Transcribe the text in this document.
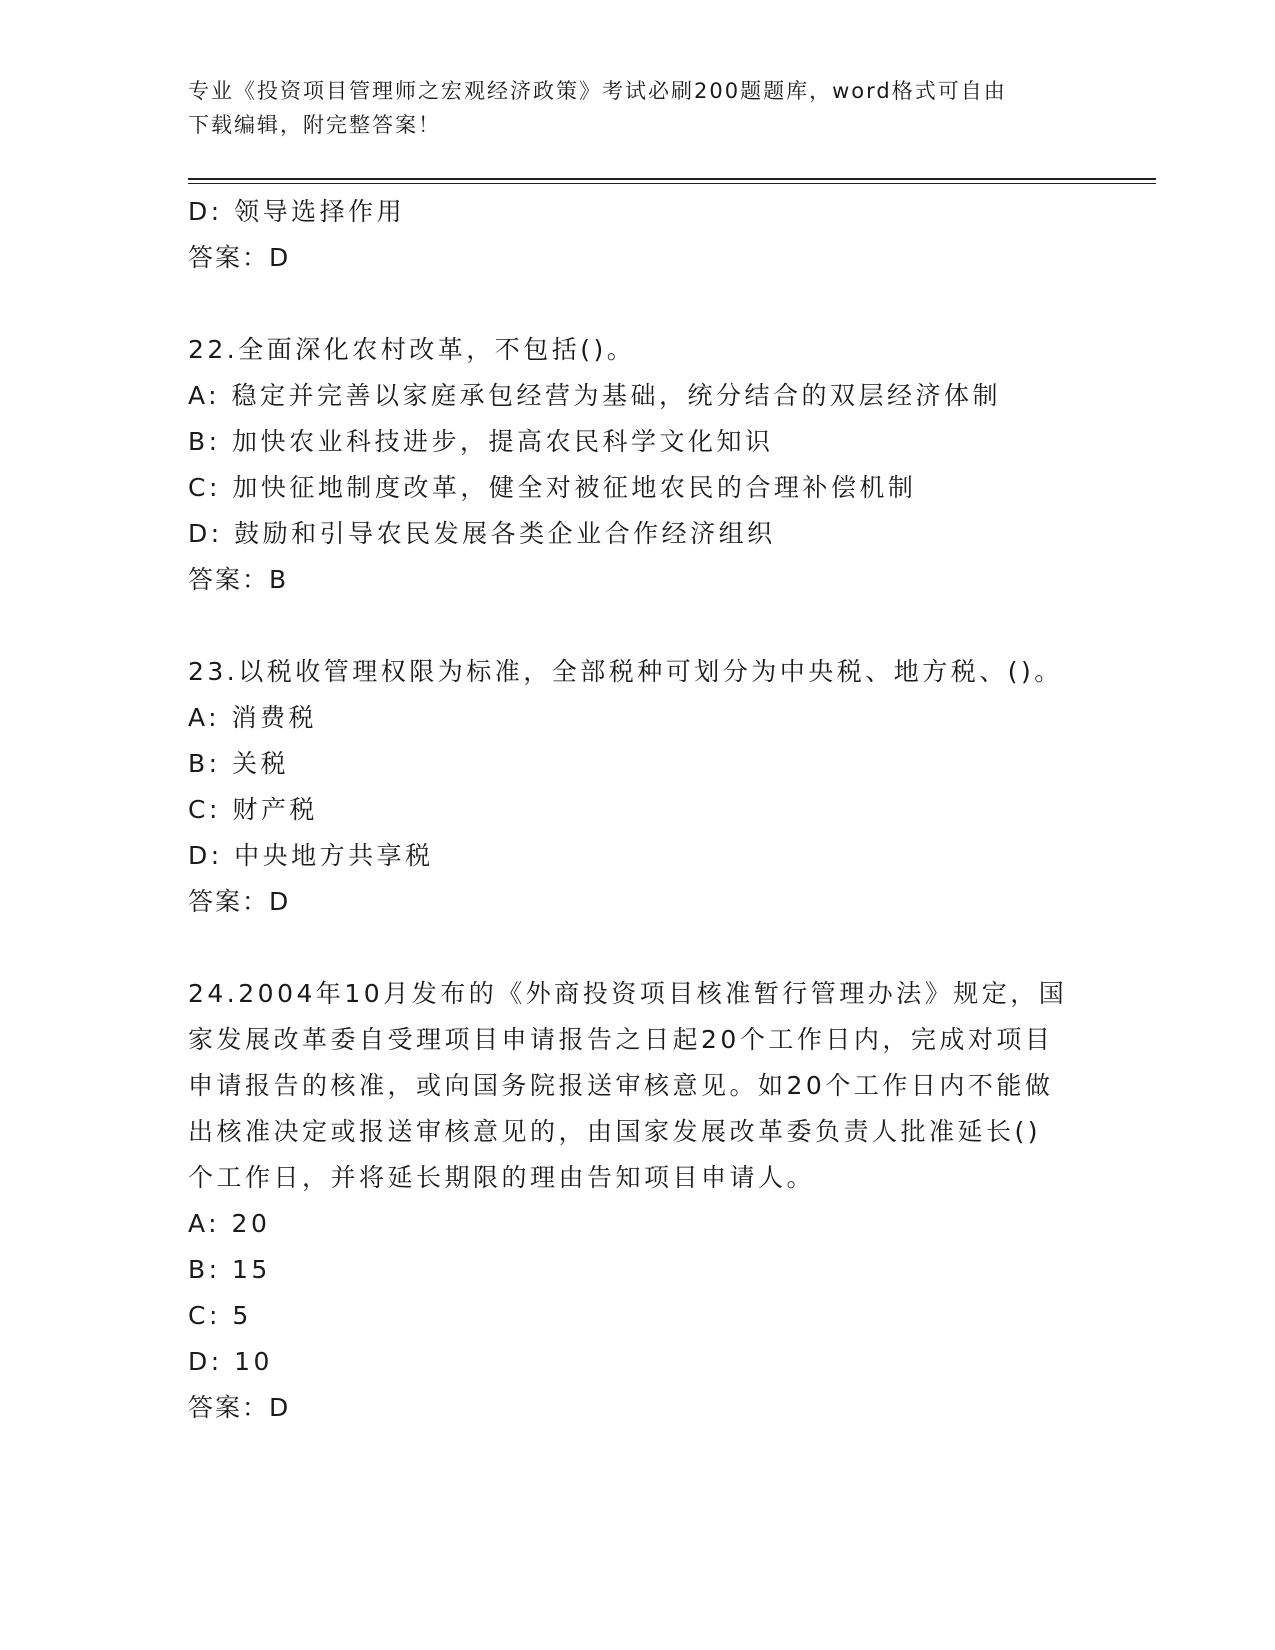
专业《投资项目管理师之宏观经济政策》考试必刷200题题库，word格式可自由
下载编辑，附完整答案！
D: 领导选择作用
答案：D
22.全面深化农村改革，不包括()。
A: 稳定并完善以家庭承包经营为基础，统分结合的双层经济体制
B: 加快农业科技进步，提高农民科学文化知识
C: 加快征地制度改革，健全对被征地农民的合理补偿机制
D: 鼓励和引导农民发展各类企业合作经济组织
答案：B
23.以税收管理权限为标准，全部税种可划分为中央税、地方税、()。
A: 消费税
B: 关税
C: 财产税
D: 中央地方共享税
答案：D
24.2004年10月发布的《外商投资项目核准暂行管理办法》规定，国
家发展改革委自受理项目申请报告之日起20个工作日内，完成对项目
申请报告的核准，或向国务院报送审核意见。如20个工作日内不能做
出核准决定或报送审核意见的，由国家发展改革委负责人批准延长()
个工作日，并将延长期限的理由告知项目申请人。
A: 20
B: 15
C: 5
D: 10
答案：D
